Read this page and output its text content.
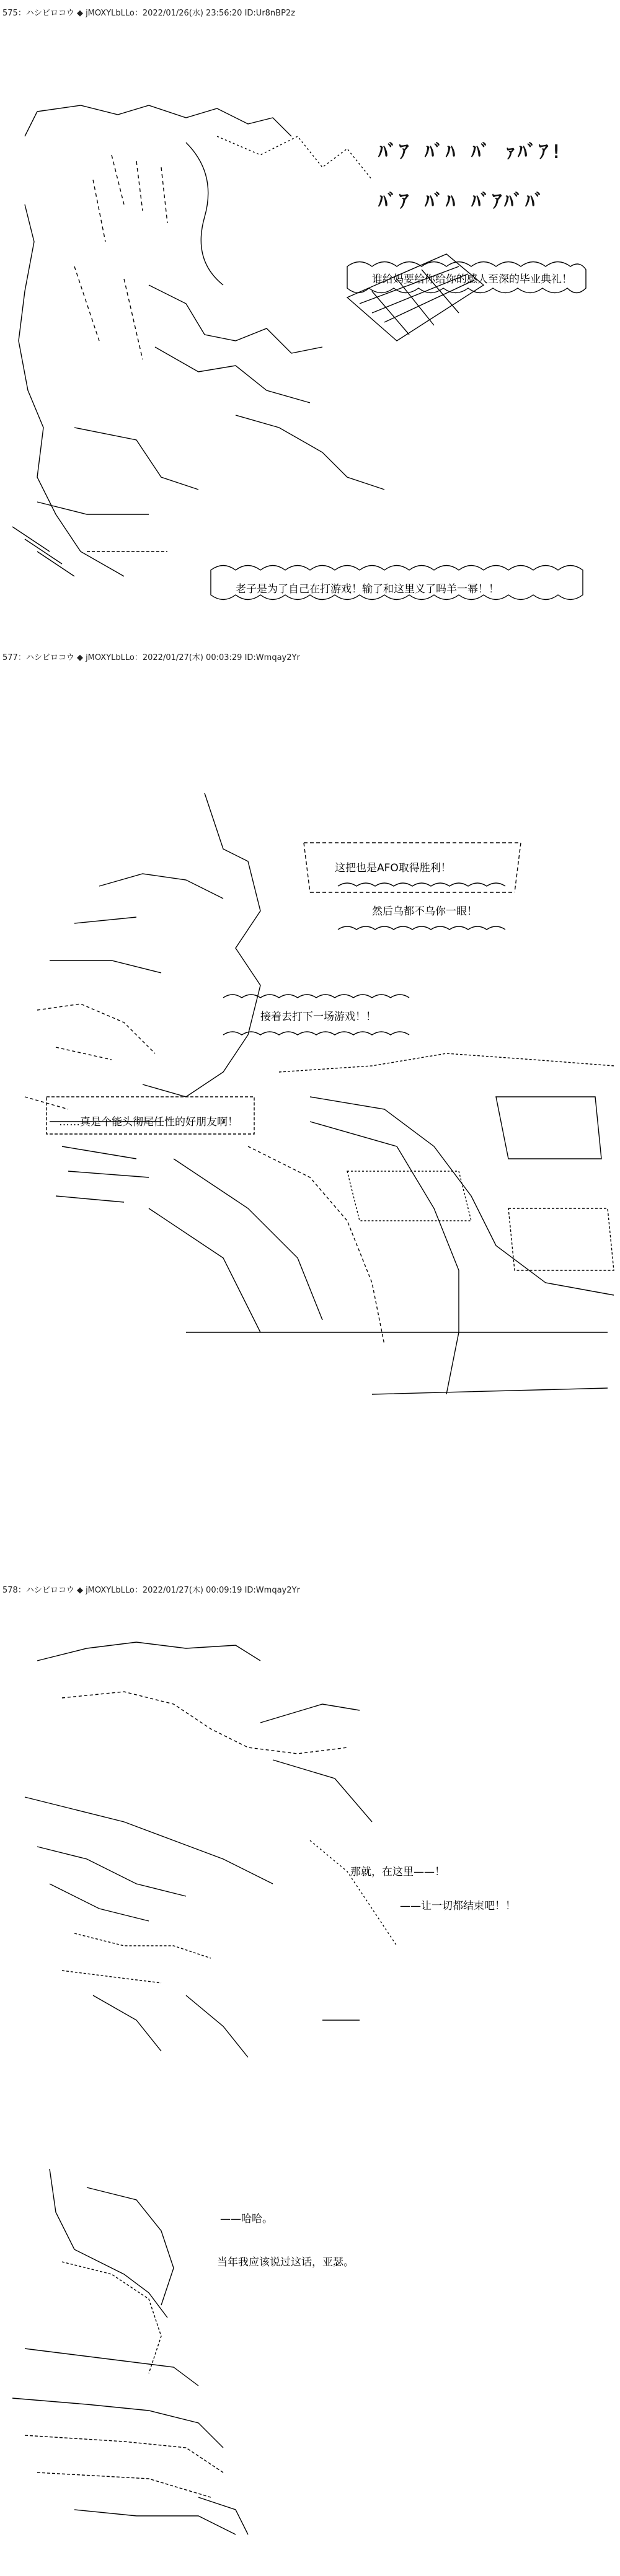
575：ハシビロコウ ◆ jMOXYLbLLo：2022/01/26(水) 23:56:20 ID:Ur8nBP2z
ﾊﾞｱ ﾊﾞﾊ ﾊﾞ ｧﾊﾞｱ!
ﾊﾞｱ ﾊﾞﾊ ﾊﾞｱﾊﾞﾊﾞ
谁给妈要给你给你的感人至深的毕业典礼！
老子是为了自己在打游戏！输了和这里义了吗羊一幂！！
577：ハシビロコウ ◆ jMOXYLbLLo：2022/01/27(木) 00:03:29 ID:Wmqay2Yr
这把也是AFO取得胜利！
然后乌都不乌你一眼！
接着去打下一场游戏！！
……真是个能头彻尾任性的好朋友啊！
578：ハシビロコウ ◆ jMOXYLbLLo：2022/01/27(木) 00:09:19 ID:Wmqay2Yr
那就，在这里——！
——让一切都结束吧！！
——哈哈。
当年我应该说过这话，亚瑟。
